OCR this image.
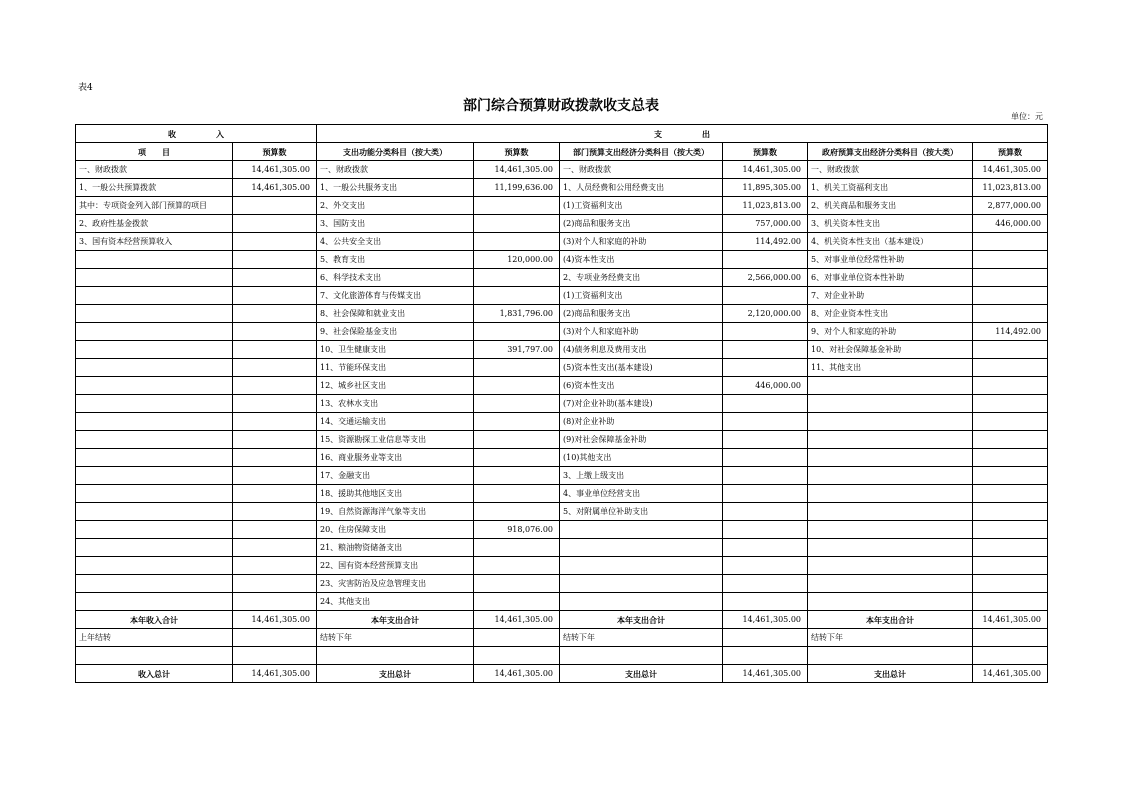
表4
部门综合预算财政拨款收支总表
单位：元
收　　　　　入		支　　　　　出					
项　　目	预算数	支出功能分类科目（按大类）	预算数	部门预算支出经济分类科目（按大类）	预算数	政府预算支出经济分类科目（按大类）	预算数
一、财政拨款	14,461,305.00	一、财政拨款	14,461,305.00	一、财政拨款	14,461,305.00	一、财政拨款	14,461,305.00
1、一般公共预算拨款	14,461,305.00	1、一般公共服务支出	11,199,636.00	1、人员经费和公用经费支出	11,895,305.00	1、机关工资福利支出	11,023,813.00
其中：专项资金列入部门预算的项目		2、外交支出		(1)工资福利支出	11,023,813.00	2、机关商品和服务支出	2,877,000.00
2、政府性基金拨款		3、国防支出		(2)商品和服务支出	757,000.00	3、机关资本性支出	446,000.00
3、国有资本经营预算收入		4、公共安全支出		(3)对个人和家庭的补助	114,492.00	4、机关资本性支出（基本建设）	
		5、教育支出	120,000.00	(4)资本性支出		5、对事业单位经常性补助	
		6、科学技术支出		2、专项业务经费支出	2,566,000.00	6、对事业单位资本性补助	
		7、文化旅游体育与传媒支出		(1)工资福利支出		7、对企业补助	
		8、社会保障和就业支出	1,831,796.00	(2)商品和服务支出	2,120,000.00	8、对企业资本性支出	
		9、社会保险基金支出		(3)对个人和家庭补助		9、对个人和家庭的补助	114,492.00
		10、卫生健康支出	391,797.00	(4)债务利息及费用支出		10、对社会保障基金补助	
		11、节能环保支出		(5)资本性支出(基本建设)		11、其他支出	
		12、城乡社区支出		(6)资本性支出	446,000.00		
		13、农林水支出		(7)对企业补助(基本建设)			
		14、交通运输支出		(8)对企业补助			
		15、资源勘探工业信息等支出		(9)对社会保障基金补助			
		16、商业服务业等支出		(10)其他支出			
		17、金融支出		3、上缴上级支出			
		18、援助其他地区支出		4、事业单位经营支出			
		19、自然资源海洋气象等支出		5、对附属单位补助支出			
		20、住房保障支出	918,076.00				
		21、粮油物资储备支出					
		22、国有资本经营预算支出					
		23、灾害防治及应急管理支出					
		24、其他支出					
本年收入合计	14,461,305.00	本年支出合计	14,461,305.00	本年支出合计	14,461,305.00	本年支出合计	14,461,305.00
上年结转		结转下年		结转下年		结转下年	

收入总计	14,461,305.00	支出总计	14,461,305.00	支出总计	14,461,305.00	支出总计	14,461,305.00
